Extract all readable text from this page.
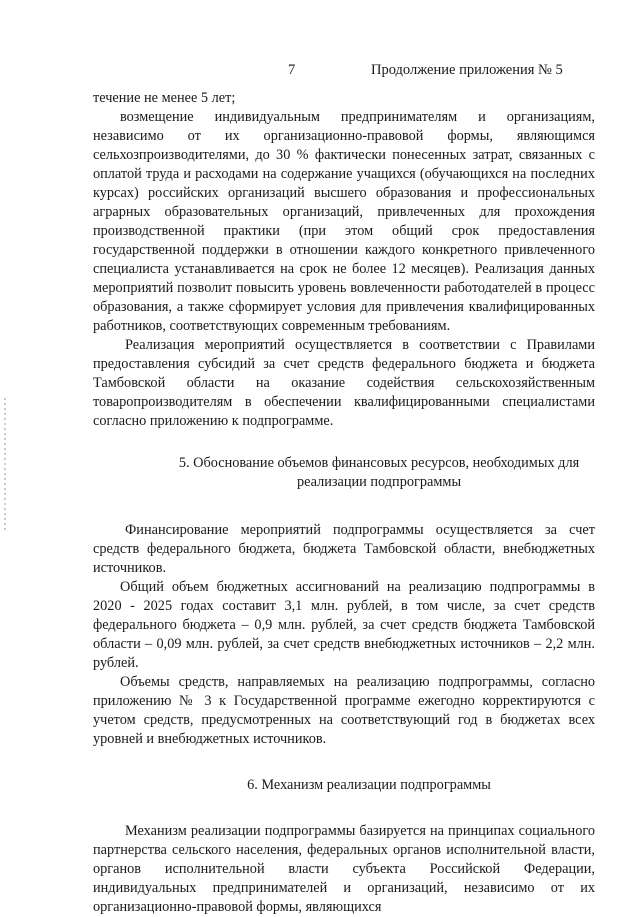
7	Продолжение приложения № 5

течение не менее 5 лет;

возмещение индивидуальным предпринимателям и организациям, независимо от их организационно-правовой формы, являющимся сельхозпроизводителями, до 30 % фактически понесенных затрат, связанных с оплатой труда и расходами на содержание учащихся (обучающихся на последних курсах) российских организаций высшего образования и профессиональных аграрных образовательных организаций, привлеченных для прохождения производственной практики (при этом общий срок предоставления государственной поддержки в отношении каждого конкретного привлеченного специалиста устанавливается на срок не более 12 месяцев). Реализация данных мероприятий позволит повысить уровень вовлеченности работодателей в процесс образования, а также сформирует условия для привлечения квалифицированных работников, соответствующих современным требованиям.

Реализация мероприятий осуществляется в соответствии с Правилами предоставления субсидий за счет средств федерального бюджета и бюджета Тамбовской области на оказание содействия сельскохозяйственным товаропроизводителям в обеспечении квалифицированными специалистами согласно приложению к подпрограмме.

5. Обоснование объемов финансовых ресурсов, необходимых для реализации подпрограммы

Финансирование мероприятий подпрограммы осуществляется за счет средств федерального бюджета, бюджета Тамбовской области, внебюджетных источников.

Общий объем бюджетных ассигнований на реализацию подпрограммы в 2020 - 2025 годах составит 3,1 млн. рублей, в том числе, за счет средств федерального бюджета – 0,9 млн. рублей, за счет средств бюджета Тамбовской области – 0,09 млн. рублей, за счет средств внебюджетных источников – 2,2 млн. рублей.

Объемы средств, направляемых на реализацию подпрограммы, согласно приложению № 3 к Государственной программе ежегодно корректируются с учетом средств, предусмотренных на соответствующий год в бюджетах всех уровней и внебюджетных источников.

6. Механизм реализации подпрограммы

Механизм реализации подпрограммы базируется на принципах социального партнерства сельского населения, федеральных органов исполнительной власти, органов исполнительной власти субъекта Российской Федерации, индивидуальных предпринимателей и организаций, независимо от их организационно-правовой формы, являющихся
